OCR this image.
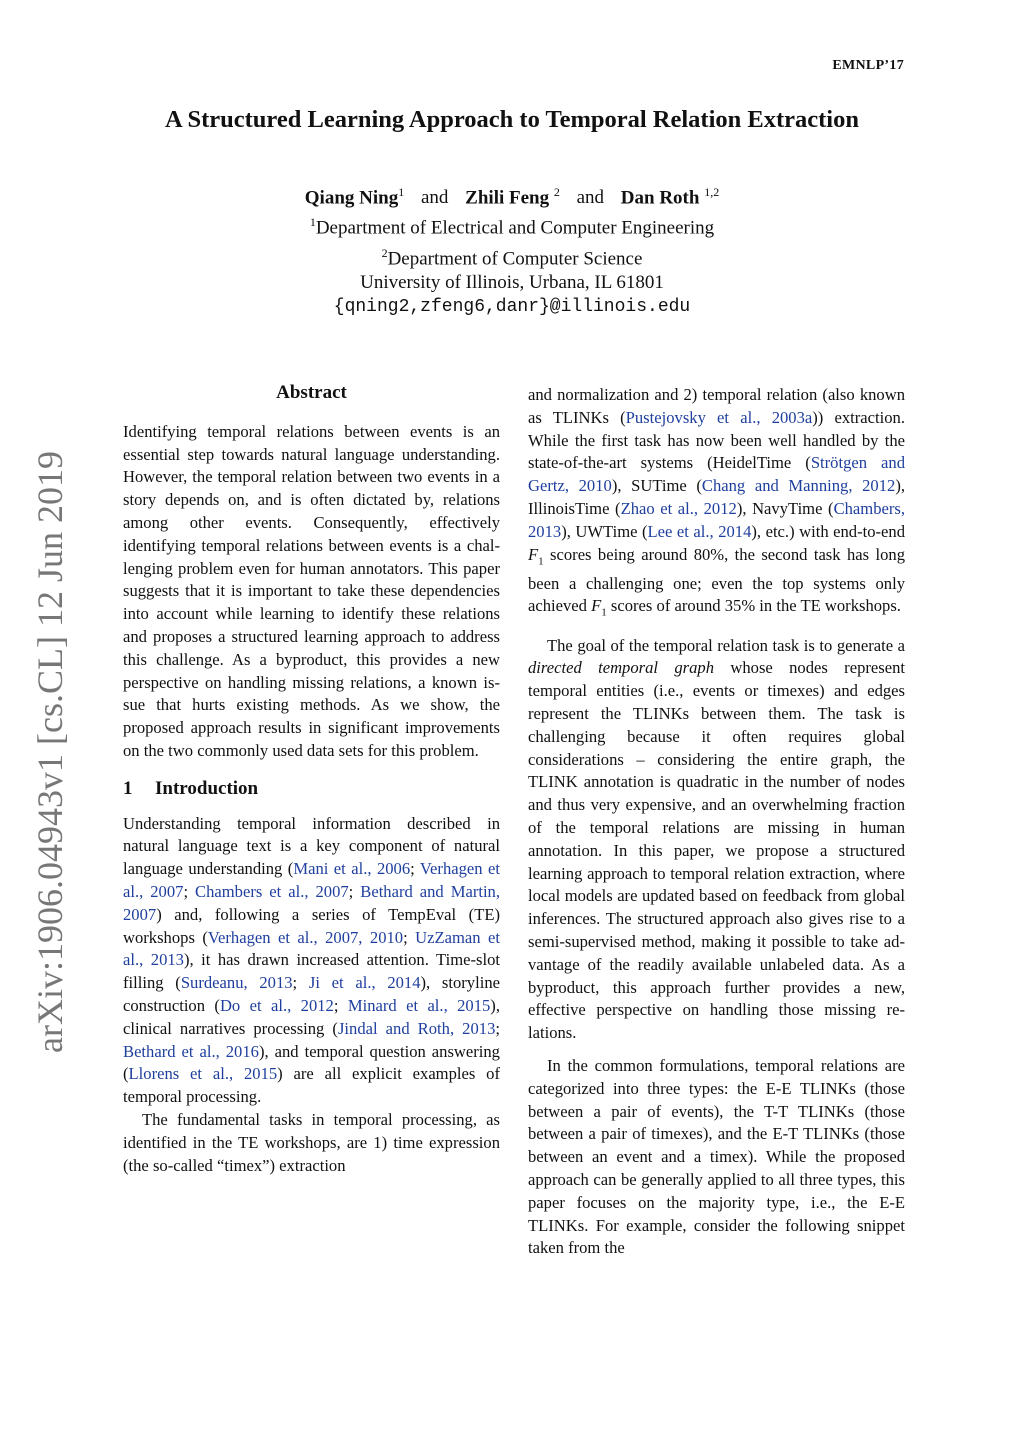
EMNLP’17
A Structured Learning Approach to Temporal Relation Extraction
Qiang Ning$^1$ and Zhili Feng $^2$ and Dan Roth $^{1,2}$
$^1$Department of Electrical and Computer Engineering
$^2$Department of Computer Science
University of Illinois, Urbana, IL 61801
{qning2,zfeng6,danr}@illinois.edu
arXiv:1906.04943v1 [cs.CL] 12 Jun 2019
Abstract

Identifying temporal relations between events is an essential step towards natural language understanding. However, the temporal relation between two events in a story depends on, and is often dictated by, relations among other events. Consequently, effectively identifying temporal relations between events is a challenging problem even for human annotators. This paper suggests that it is important to take these dependencies into account while learning to identify these relations and proposes a structured learning approach to address this challenge. As a byproduct, this provides a new perspective on handling missing relations, a known issue that hurts existing methods. As we show, the proposed approach results in significant improvements on the two commonly used data sets for this problem.

1 Introduction

Understanding temporal information described in natural language text is a key component of natural language understanding (Mani et al., 2006; Verhagen et al., 2007; Chambers et al., 2007; Bethard and Martin, 2007) and, following a series of TempEval (TE) workshops (Verhagen et al., 2007, 2010; UzZaman et al., 2013), it has drawn increased attention. Time-slot filling (Surdeanu, 2013; Ji et al., 2014), storyline construction (Do et al., 2012; Minard et al., 2015), clinical narratives processing (Jindal and Roth, 2013; Bethard et al., 2016), and temporal question answering (Llorens et al., 2015) are all explicit examples of temporal processing.

The fundamental tasks in temporal processing, as identified in the TE workshops, are 1) time expression (the so-called “timex”) extraction

and normalization and 2) temporal relation (also known as TLINKs (Pustejovsky et al., 2003a)) extraction. While the first task has now been well handled by the state-of-the-art systems (HeidelTime (Strötgen and Gertz, 2010), SUTime (Chang and Manning, 2012), IllinoisTime (Zhao et al., 2012), NavyTime (Chambers, 2013), UWTime (Lee et al., 2014), etc.) with end-to-end $F_1$ scores being around 80%, the second task has long been a challenging one; even the top systems only achieved $F_1$ scores of around 35% in the TE workshops.

The goal of the temporal relation task is to generate a directed temporal graph whose nodes represent temporal entities (i.e., events or timexes) and edges represent the TLINKs between them. The task is challenging because it often requires global considerations – considering the entire graph, the TLINK annotation is quadratic in the number of nodes and thus very expensive, and an overwhelming fraction of the temporal relations are missing in human annotation. In this paper, we propose a structured learning approach to temporal relation extraction, where local models are updated based on feedback from global inferences. The structured approach also gives rise to a semi-supervised method, making it possible to take advantage of the readily available unlabeled data. As a byproduct, this approach further provides a new, effective perspective on handling those missing relations.

In the common formulations, temporal relations are categorized into three types: the E-E TLINKs (those between a pair of events), the T-T TLINKs (those between a pair of timexes), and the E-T TLINKs (those between an event and a timex). While the proposed approach can be generally applied to all three types, this paper focuses on the majority type, i.e., the E-E TLINKs. For example, consider the following snippet taken from the
